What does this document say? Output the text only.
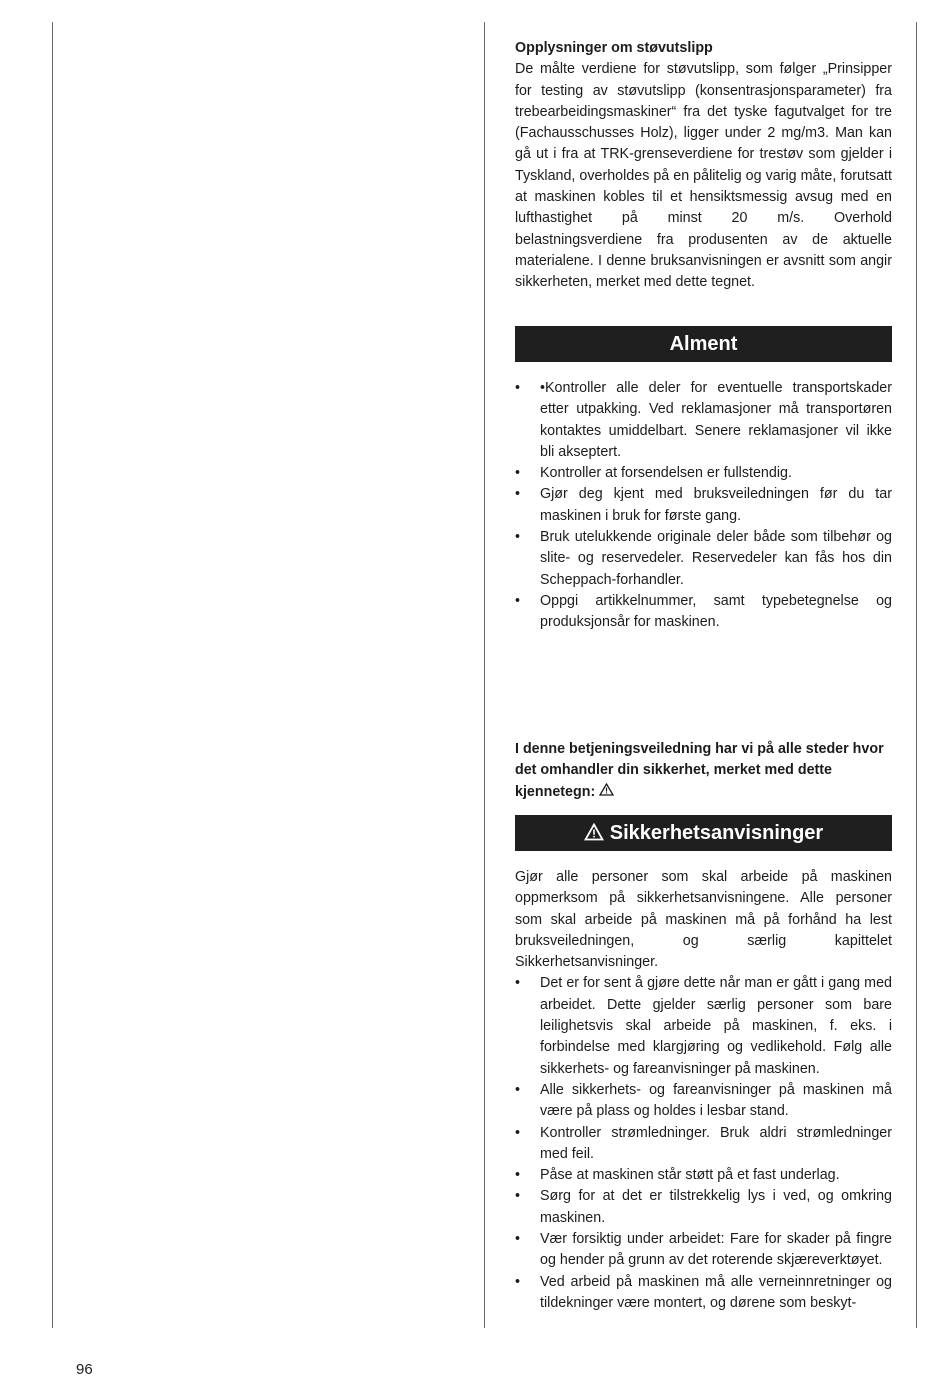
Opplysninger om støvutslipp

De målte verdiene for støvutslipp, som følger „Prinsipper for testing av støvutslipp (konsentrasjonsparameter) fra trebearbeidingsmaskiner“ fra det tyske fagutvalget for tre (Fachausschusses Holz), ligger under 2 mg/m3. Man kan gå ut i fra at TRK-grenseverdiene for trestøv som gjelder i Tyskland, overholdes på en pålitelig og varig måte, forutsatt at maskinen kobles til et hensiktsmessig avsug med en lufthastighet på minst 20 m/s. Overhold belastningsverdiene fra produsenten av de aktuelle materialene. I denne bruksanvisningen er avsnitt som angir sikkerheten, merket med dette tegnet.

Alment
• •Kontroller alle deler for eventuelle transportskader etter utpakking. Ved reklamasjoner må transportøren kontaktes umiddelbart. Senere reklamasjoner vil ikke bli akseptert.
• Kontroller at forsendelsen er fullstendig.
• Gjør deg kjent med bruksveiledningen før du tar maskinen i bruk for første gang.
• Bruk utelukkende originale deler både som tilbehør og slite- og reservedeler. Reservedeler kan fås hos din Scheppach-forhandler.
• Oppgi artikkelnummer, samt typebetegnelse og produksjonsår for maskinen.
I denne betjeningsveiledning har vi på alle steder hvor det omhandler din sikkerhet, merket med dette kjennetegn:
Sikkerhetsanvisninger

Gjør alle personer som skal arbeide på maskinen oppmerksom på sikkerhetsanvisningene. Alle personer som skal arbeide på maskinen må på forhånd ha lest bruksveiledningen, og særlig kapittelet Sikkerhetsanvisninger.

• Det er for sent å gjøre dette når man er gått i gang med arbeidet. Dette gjelder særlig personer som bare leilighetsvis skal arbeide på maskinen, f. eks. i forbindelse med klargjøring og vedlikehold. Følg alle sikkerhets- og fareanvisninger på maskinen.
• Alle sikkerhets- og fareanvisninger på maskinen må være på plass og holdes i lesbar stand.
• Kontroller strømledninger. Bruk aldri strømledninger med feil.
• Påse at maskinen står støtt på et fast underlag.
• Sørg for at det er tilstrekkelig lys i ved, og omkring maskinen.
• Vær forsiktig under arbeidet: Fare for skader på fingre og hender på grunn av det roterende skjæreverktøyet.
• Ved arbeid på maskinen må alle verneinnretninger og tildekninger være montert, og dørene som beskyt-
96
